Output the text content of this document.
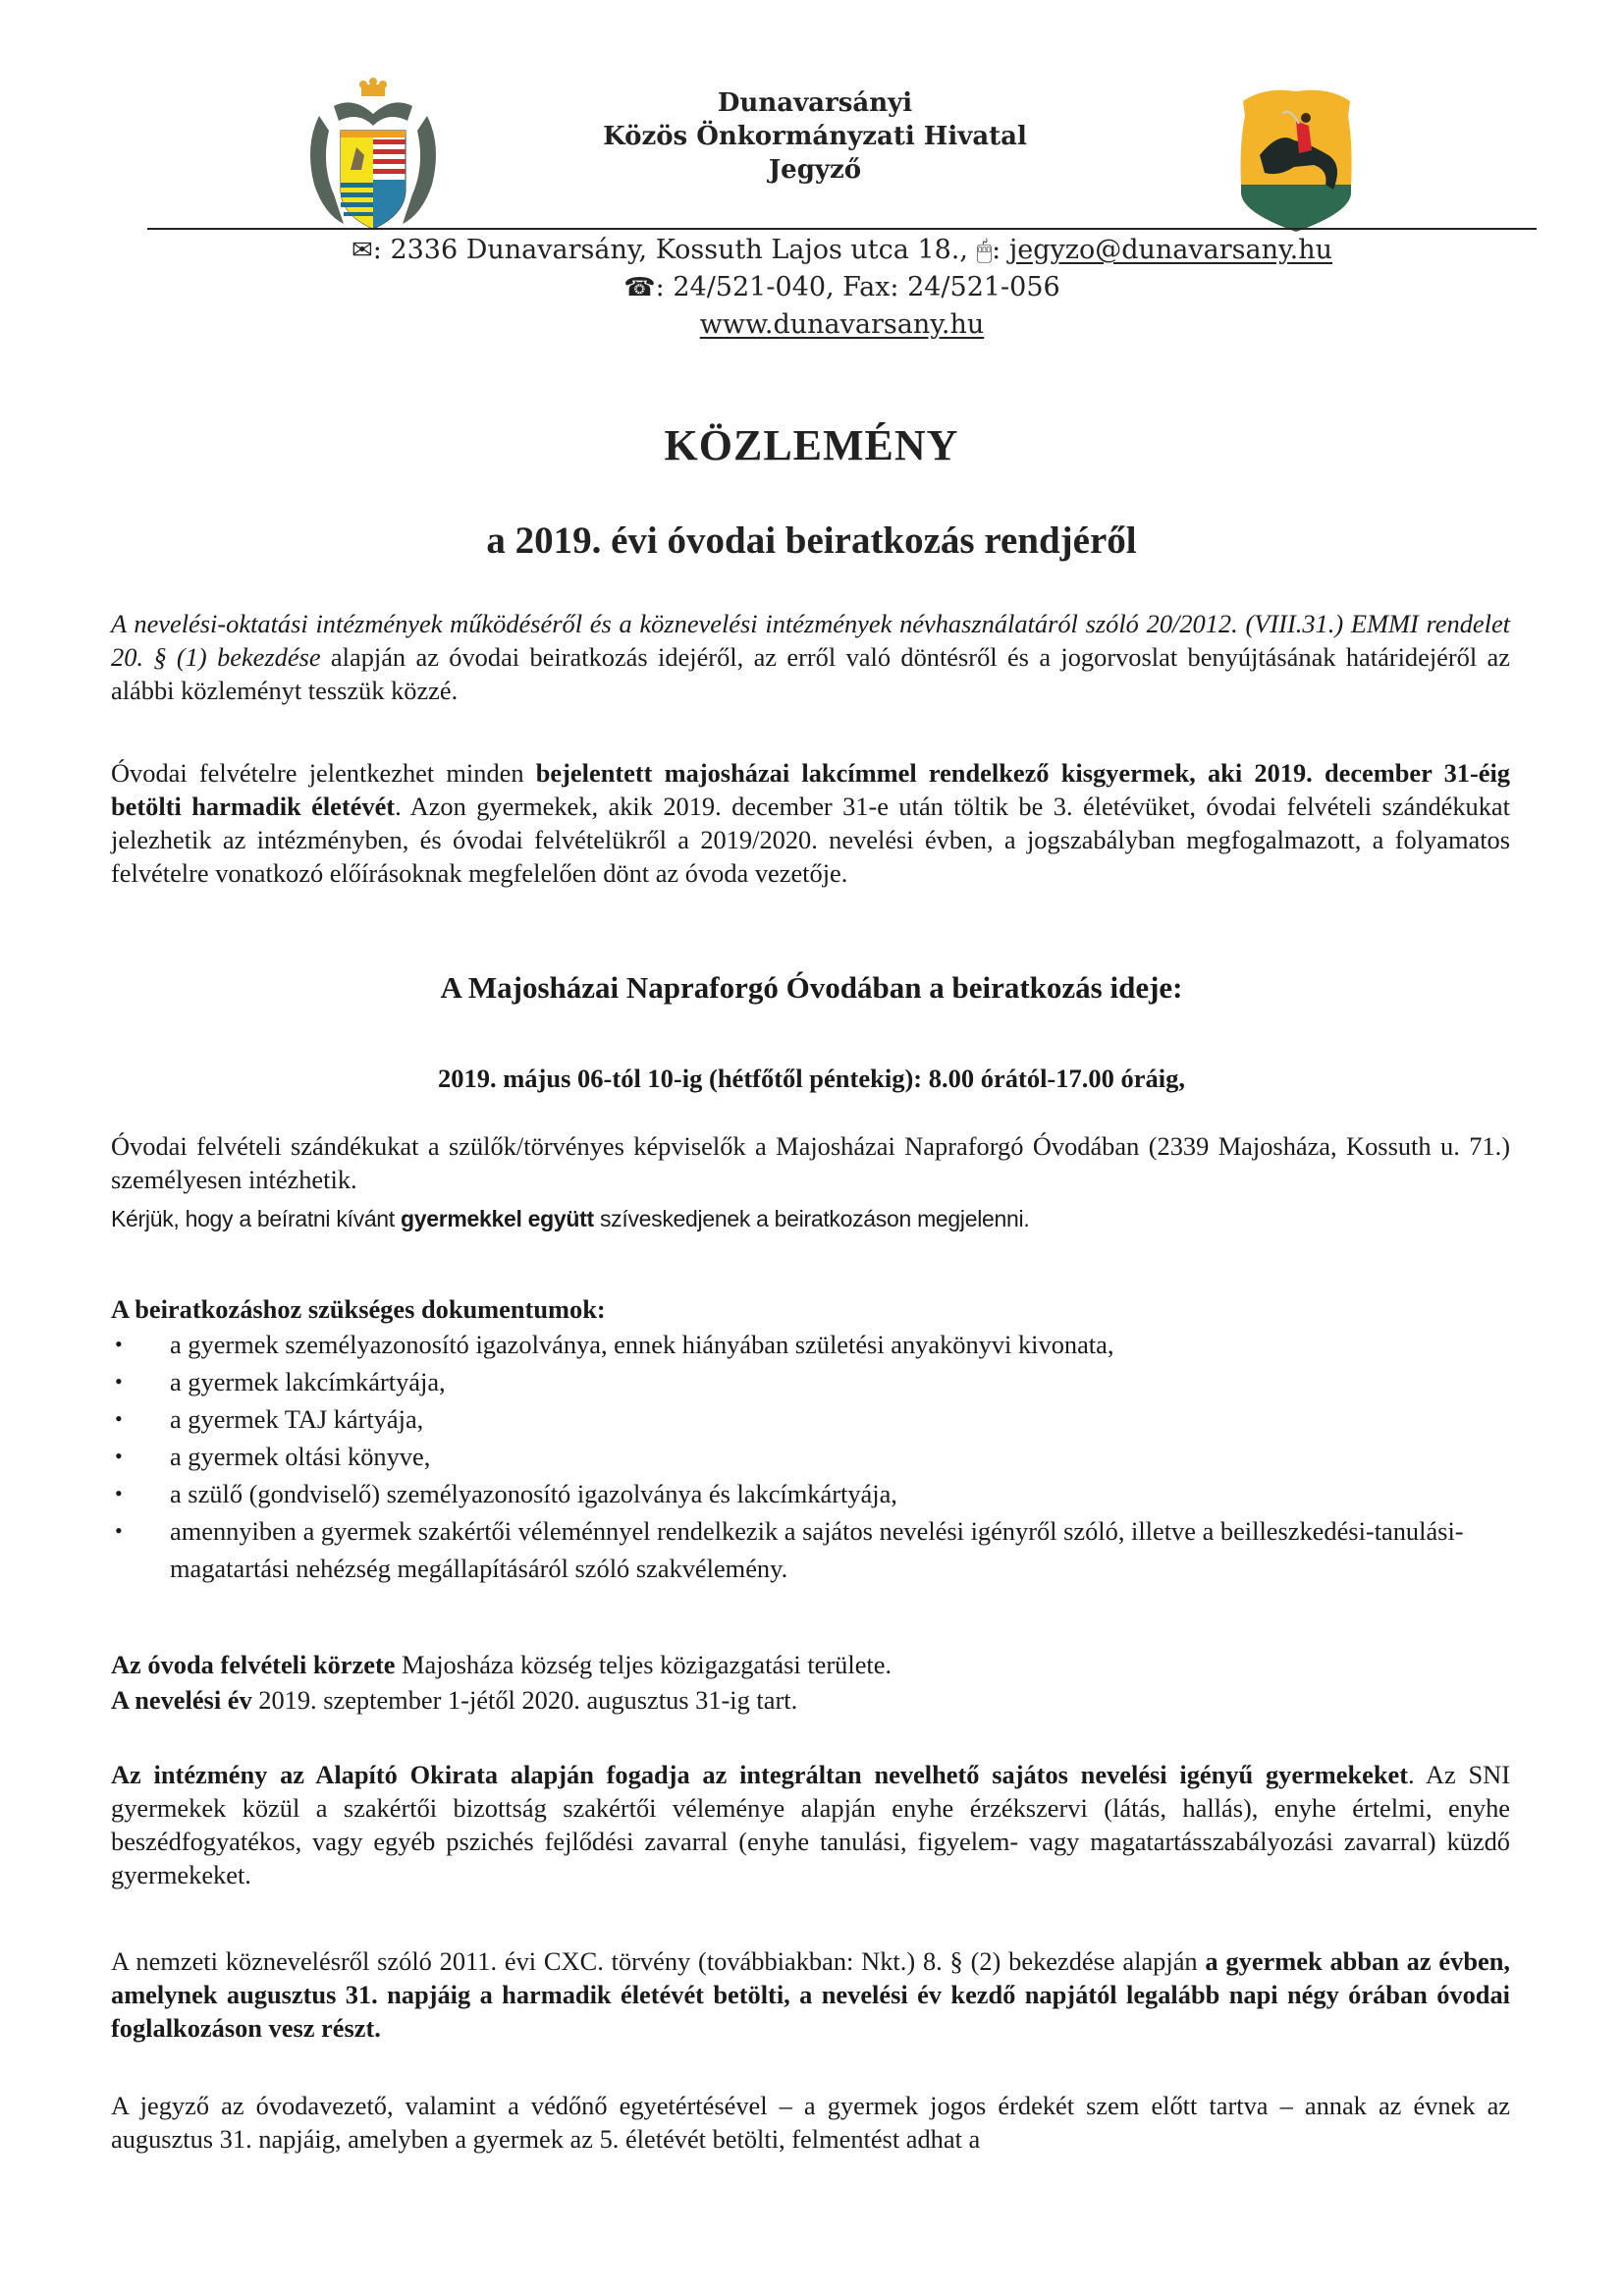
Dunavarsányi
Közös Önkormányzati Hivatal
Jegyző
✉: 2336 Dunavarsány, Kossuth Lajos utca 18., 🖱: jegyzo@dunavarsany.hu
☎: 24/521-040, Fax: 24/521-056
www.dunavarsany.hu
KÖZLEMÉNY
a 2019. évi óvodai beiratkozás rendjéről
A nevelési-oktatási intézmények működéséről és a köznevelési intézmények névhasználatáról szóló 20/2012. (VIII.31.) EMMI rendelet 20. § (1) bekezdése alapján az óvodai beiratkozás idejéről, az erről való döntésről és a jogorvoslat benyújtásának határidejéről az alábbi közleményt tesszük közzé.
Óvodai felvételre jelentkezhet minden bejelentett majosházai lakcímmel rendelkező kisgyermek, aki 2019. december 31-éig betölti harmadik életévét. Azon gyermekek, akik 2019. december 31-e után töltik be 3. életévüket, óvodai felvételi szándékukat jelezhetik az intézményben, és óvodai felvételükről a 2019/2020. nevelési évben, a jogszabályban megfogalmazott, a folyamatos felvételre vonatkozó előírásoknak megfelelően dönt az óvoda vezetője.
A Majosházai Napraforgó Óvodában a beiratkozás ideje:
2019. május 06-tól 10-ig (hétfőtől péntekig): 8.00 órától-17.00 óráig,
Óvodai felvételi szándékukat a szülők/törvényes képviselők a Majosházai Napraforgó Óvodában (2339 Majosháza, Kossuth u. 71.) személyesen intézhetik.
Kérjük, hogy a beíratni kívánt gyermekkel együtt szíveskedjenek a beiratkozáson megjelenni.
A beiratkozáshoz szükséges dokumentumok:
• a gyermek személyazonosító igazolványa, ennek hiányában születési anyakönyvi kivonata,
• a gyermek lakcímkártyája,
• a gyermek TAJ kártyája,
• a gyermek oltási könyve,
• a szülő (gondviselő) személyazonosító igazolványa és lakcímkártyája,
• amennyiben a gyermek szakértői véleménnyel rendelkezik a sajátos nevelési igényről szóló, illetve a beilleszkedési-tanulási-magatartási nehézség megállapításáról szóló szakvélemény.
Az óvoda felvételi körzete Majosháza község teljes közigazgatási területe.
A nevelési év 2019. szeptember 1-jétől 2020. augusztus 31-ig tart.
Az intézmény az Alapító Okirata alapján fogadja az integráltan nevelhető sajátos nevelési igényű gyermekeket. Az SNI gyermekek közül a szakértői bizottság szakértői véleménye alapján enyhe érzékszervi (látás, hallás), enyhe értelmi, enyhe beszédfogyatékos, vagy egyéb pszichés fejlődési zavarral (enyhe tanulási, figyelem- vagy magatartásszabályozási zavarral) küzdő gyermekeket.
A nemzeti köznevelésről szóló 2011. évi CXC. törvény (továbbiakban: Nkt.) 8. § (2) bekezdése alapján a gyermek abban az évben, amelynek augusztus 31. napjáig a harmadik életévét betölti, a nevelési év kezdő napjától legalább napi négy órában óvodai foglalkozáson vesz részt.
A jegyző az óvodavezető, valamint a védőnő egyetértésével – a gyermek jogos érdekét szem előtt tartva – annak az évnek az augusztus 31. napjáig, amelyben a gyermek az 5. életévét betölti, felmentést adhat a
